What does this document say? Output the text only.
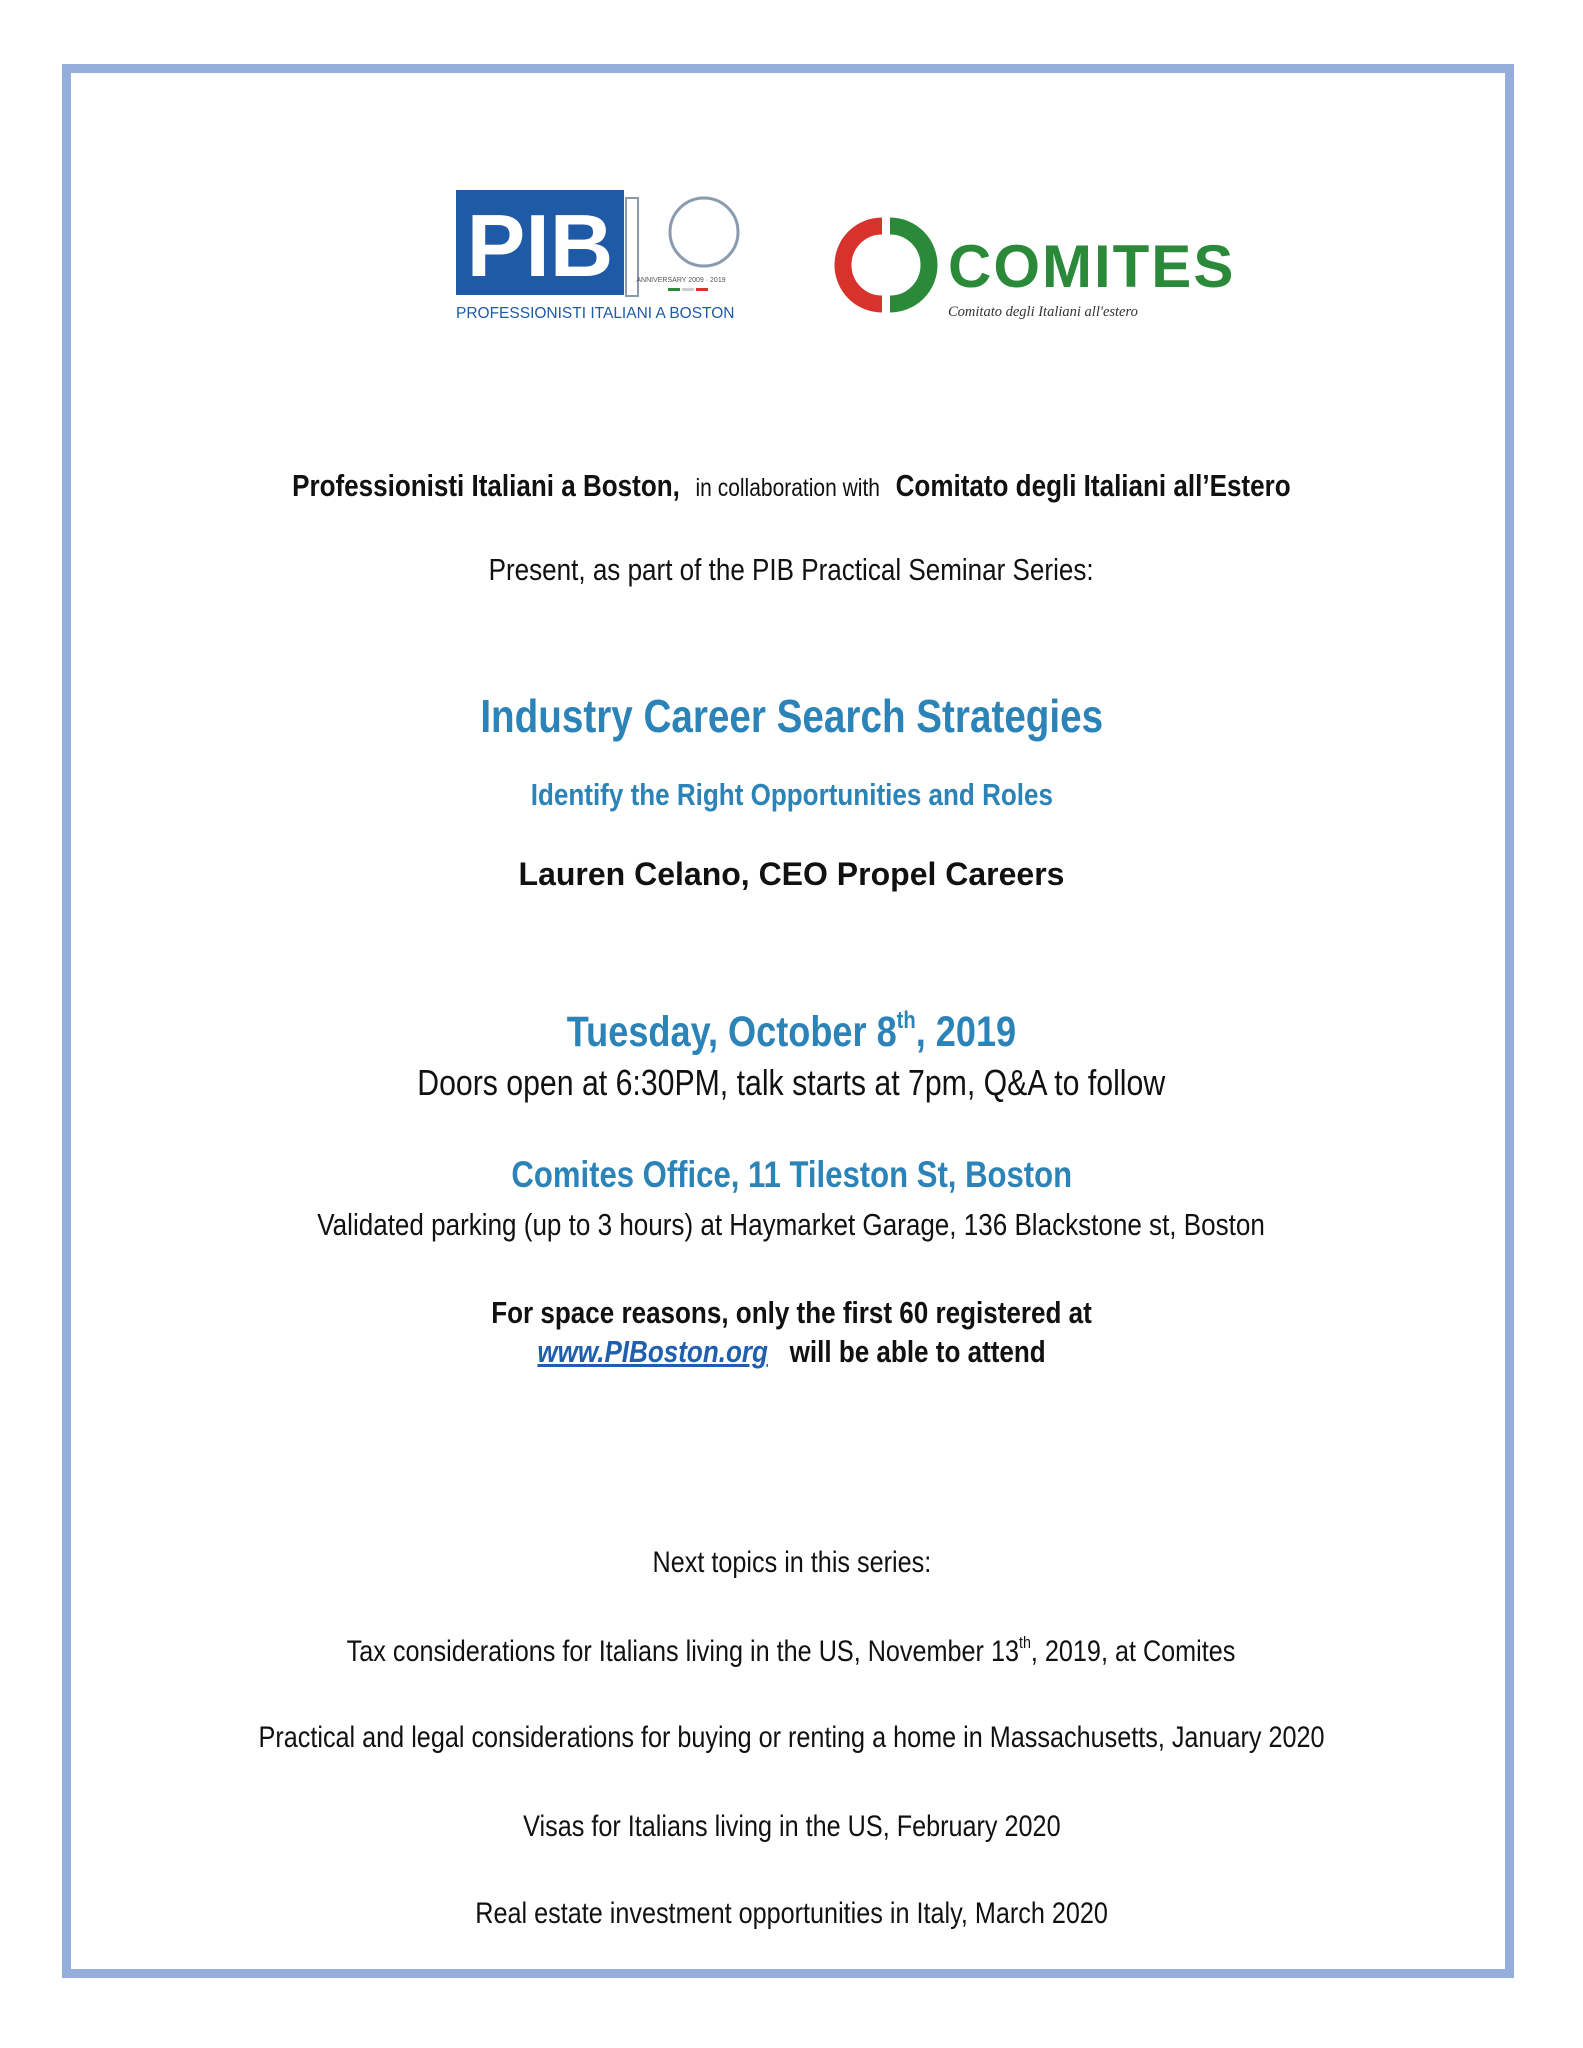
PIB	ANNIVERSARY 2009 · 2019
PROFESSIONISTI ITALIANI A BOSTON
COMITES
Comitato degli Italiani all'estero
Professionisti Italiani a Boston, in collaboration with Comitato degli Italiani all’Estero
Present, as part of the PIB Practical Seminar Series:
Industry Career Search Strategies
Identify the Right Opportunities and Roles
Lauren Celano, CEO Propel Careers
Tuesday, October 8th, 2019
Doors open at 6:30PM, talk starts at 7pm, Q&A to follow
Comites Office, 11 Tileston St, Boston
Validated parking (up to 3 hours) at Haymarket Garage, 136 Blackstone st, Boston
For space reasons, only the first 60 registered at
www.PIBoston.org will be able to attend
Next topics in this series:
Tax considerations for Italians living in the US, November 13th, 2019, at Comites
Practical and legal considerations for buying or renting a home in Massachusetts, January 2020
Visas for Italians living in the US, February 2020
Real estate investment opportunities in Italy, March 2020
